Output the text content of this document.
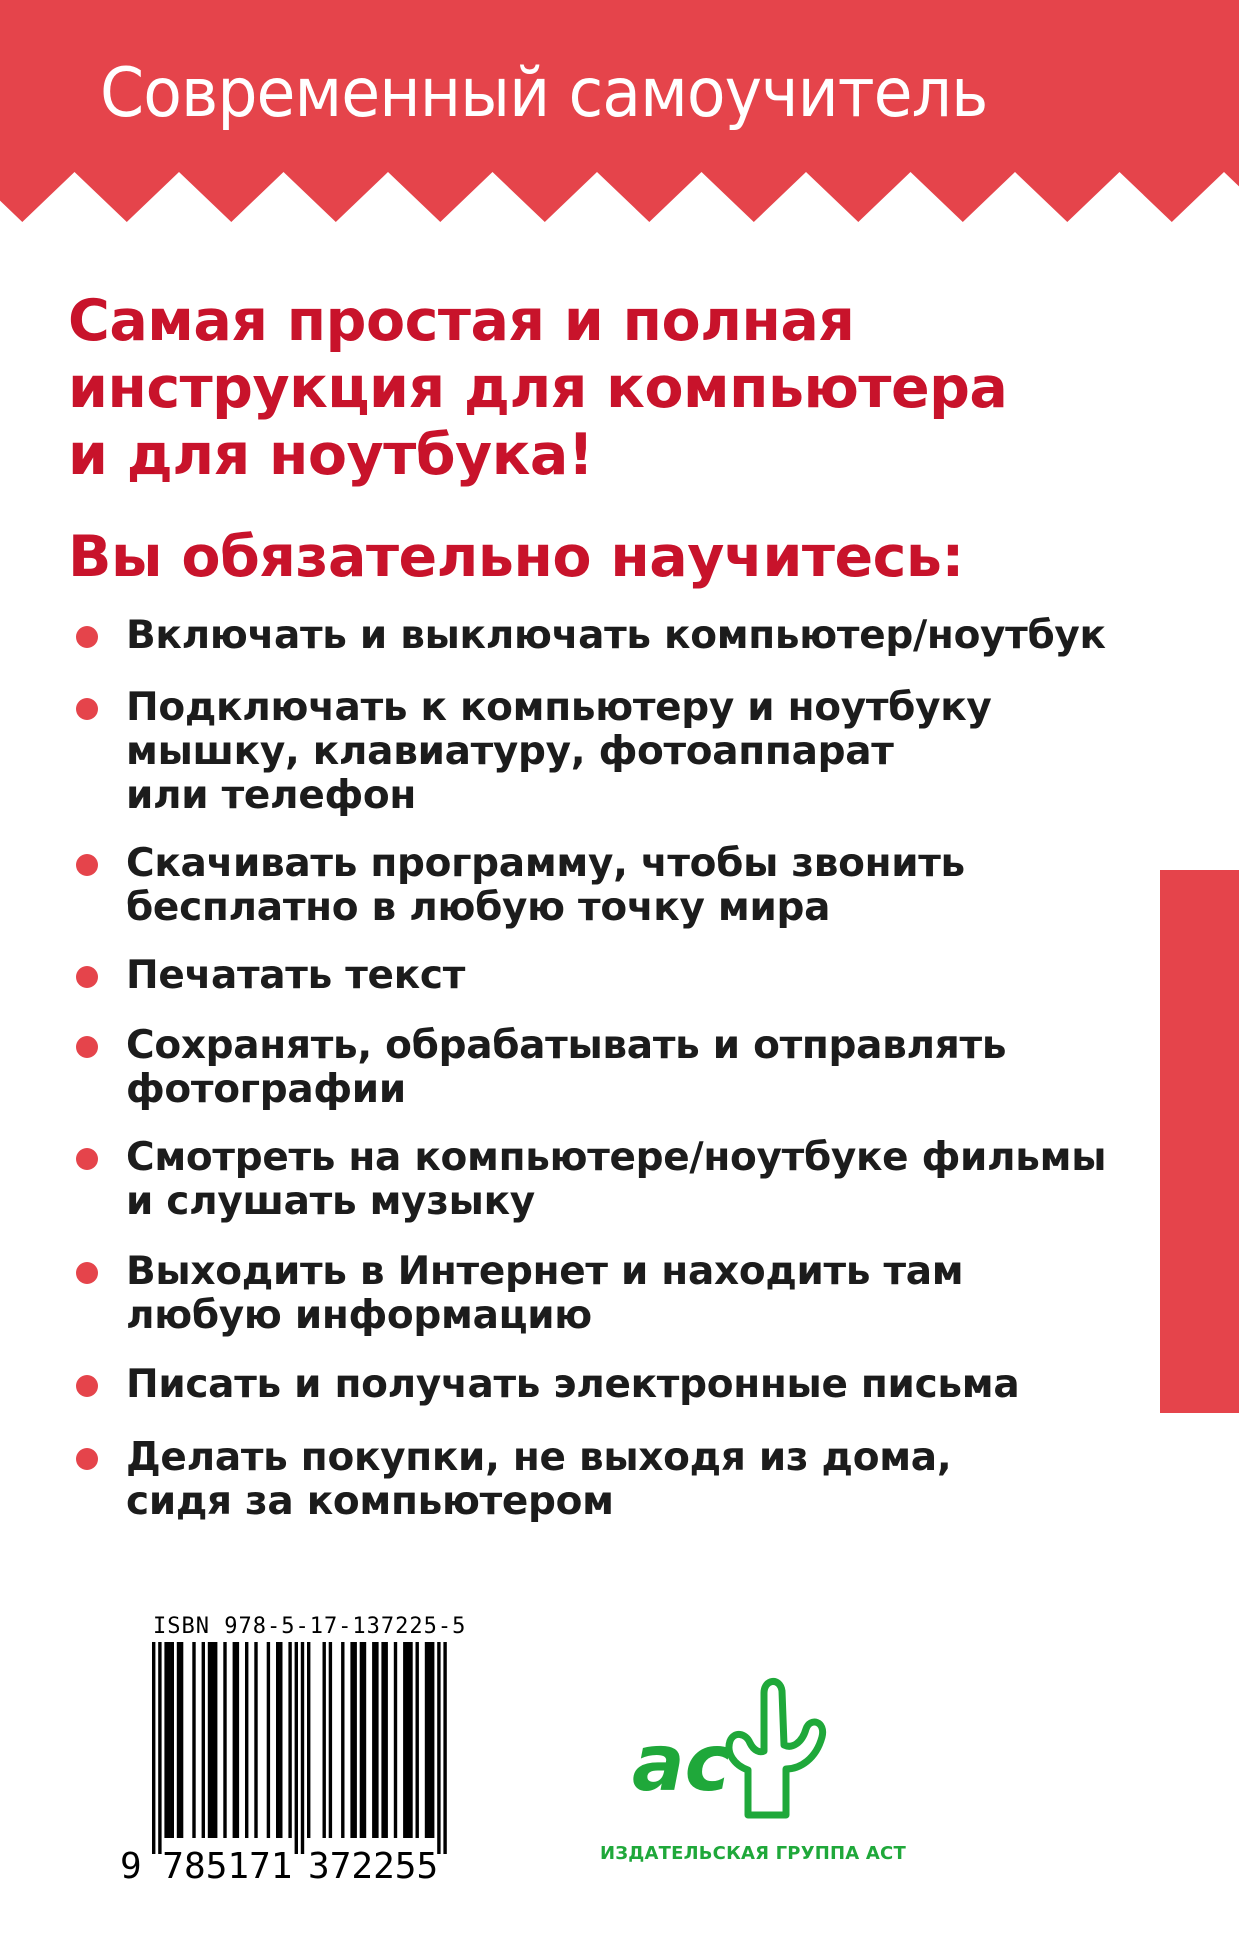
Современный самоучитель
Самая простая и полная
инструкция для компьютера
и для ноутбука!
Вы обязательно научитесь:
Включать и выключать компьютер/ноутбук
Подключать к компьютеру и ноутбуку
мышку, клавиатуру, фотоаппарат
или телефон
Скачивать программу, чтобы звонить
бесплатно в любую точку мира
Печатать текст
Сохранять, обрабатывать и отправлять
фотографии
Смотреть на компьютере/ноутбуке фильмы
и слушать музыку
Выходить в Интернет и находить там
любую информацию
Писать и получать электронные письма
Делать покупки, не выходя из дома,
сидя за компьютером
ISBN 978-5-17-137225-5
9 7 8 5 1 7 1 3 7 2 2 5 5
ac
ИЗДАТЕЛЬСКАЯ ГРУППА АСТ
